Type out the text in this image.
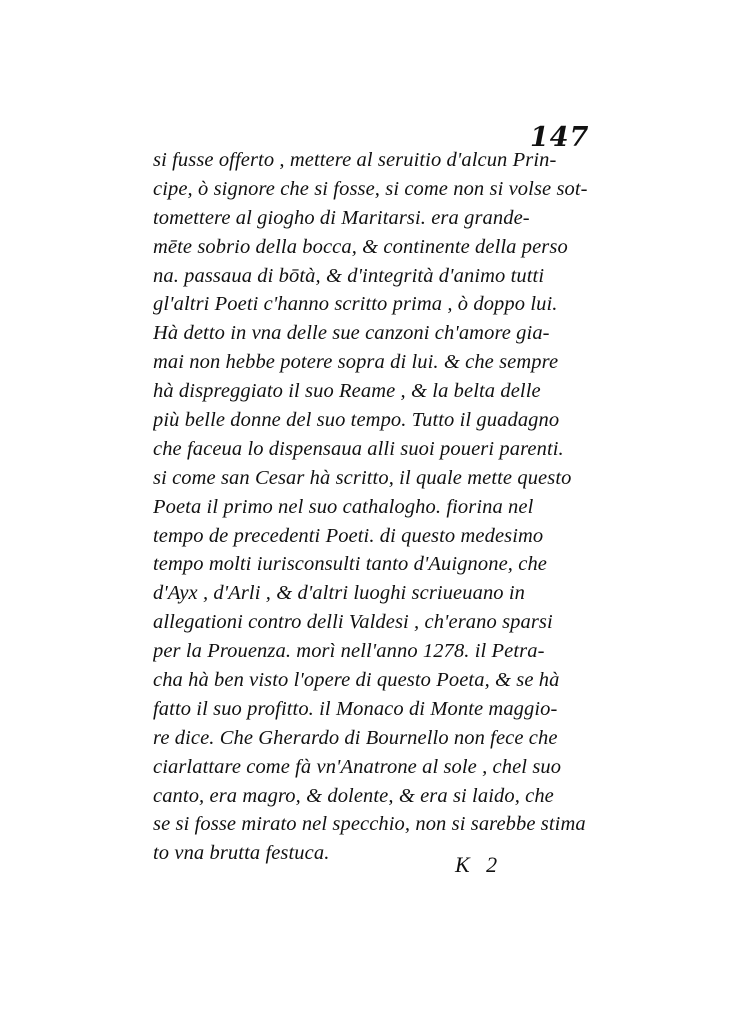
147
si fusse offerto , mettere al seruitio d'alcun Prin-
cipe, ò signore che si fosse, si come non si volse sot-
tomettere al giogho di Maritarsi. era grande-
mēte sobrio della bocca, & continente della perso
na. passaua di bōtà, & d'integrità d'animo tutti
gl'altri Poeti c'hanno scritto prima , ò doppo lui.
Hà detto in vna delle sue canzoni ch'amore gia-
mai non hebbe potere sopra di lui. & che sempre
hà dispreggiato il suo Reame , & la belta delle
più belle donne del suo tempo. Tutto il guadagno
che faceua lo dispensaua alli suoi poueri parenti.
si come san Cesar hà scritto, il quale mette questo
Poeta il primo nel suo cathalogho. fiorina nel
tempo de precedenti Poeti. di questo medesimo
tempo molti iurisconsulti tanto d'Auignone, che
d'Ayx , d'Arli , & d'altri luoghi scriueuano in
allegationi contro delli Valdesi , ch'erano sparsi
per la Prouenza. morì nell'anno 1278. il Petra-
cha hà ben visto l'opere di questo Poeta, & se hà
fatto il suo profitto. il Monaco di Monte maggio-
re dice. Che Gherardo di Bournello non fece che
ciarlattare come fà vn'Anatrone al sole , chel suo
canto, era magro, & dolente, & era si laido, che
se si fosse mirato nel specchio, non si sarebbe stima
to vna brutta festuca.	K   2
